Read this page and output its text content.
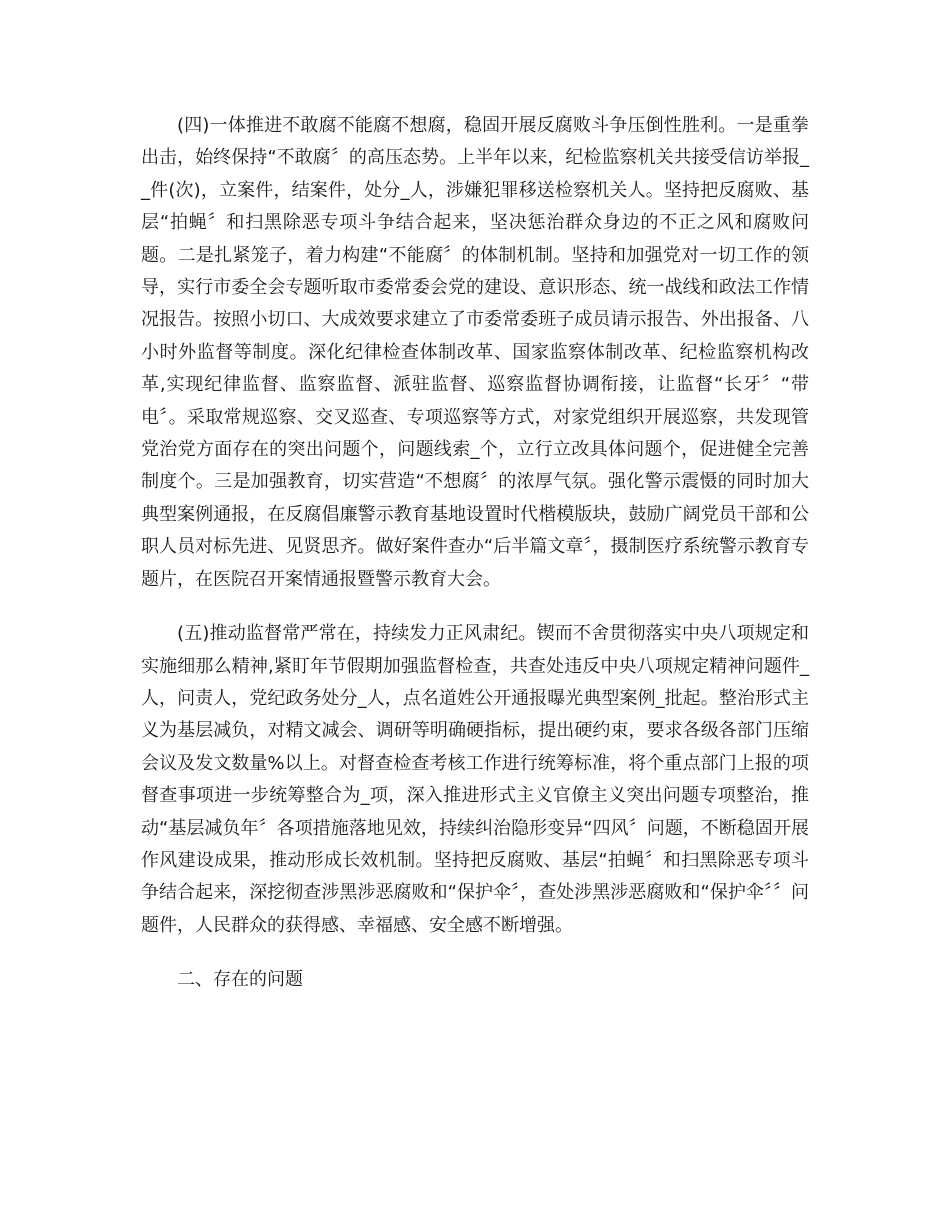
(四)一体推进不敢腐不能腐不想腐，稳固开展反腐败斗争压倒性胜利。一是重拳出击，始终保持“不敢腐〞的高压态势。上半年以来，纪检监察机关共接受信访举报__件(次)，立案件，结案件，处分_人，涉嫌犯罪移送检察机关人。坚持把反腐败、基层“拍蝇〞和扫黑除恶专项斗争结合起来，坚决惩治群众身边的不正之风和腐败问题。二是扎紧笼子，着力构建“不能腐〞的体制机制。坚持和加强党对一切工作的领导，实行市委全会专题听取市委常委会党的建设、意识形态、统一战线和政法工作情况报告。按照小切口、大成效要求建立了市委常委班子成员请示报告、外出报备、八小时外监督等制度。深化纪律检查体制改革、国家监察体制改革、纪检监察机构改革,实现纪律监督、监察监督、派驻监督、巡察监督协调衔接，让监督“长牙〞“带电〞。采取常规巡察、交叉巡查、专项巡察等方式，对家党组织开展巡察，共发现管党治党方面存在的突出问题个，问题线索_个，立行立改具体问题个，促进健全完善制度个。三是加强教育，切实营造“不想腐〞的浓厚气氛。强化警示震慑的同时加大典型案例通报，在反腐倡廉警示教育基地设置时代楷模版块，鼓励广阔党员干部和公职人员对标先进、见贤思齐。做好案件查办“后半篇文章〞，摄制医疗系统警示教育专题片，在医院召开案情通报暨警示教育大会。

(五)推动监督常严常在，持续发力正风肃纪。锲而不舍贯彻落实中央八项规定和实施细那么精神,紧盯年节假期加强监督检查，共查处违反中央八项规定精神问题件_人，问责人，党纪政务处分_人，点名道姓公开通报曝光典型案例_批起。整治形式主义为基层减负，对精文减会、调研等明确硬指标，提出硬约束，要求各级各部门压缩会议及发文数量%以上。对督查检查考核工作进行统筹标准，将个重点部门上报的项督查事项进一步统筹整合为_项，深入推进形式主义官僚主义突出问题专项整治，推动“基层减负年〞各项措施落地见效，持续纠治隐形变异“四风〞问题，不断稳固开展作风建设成果，推动形成长效机制。坚持把反腐败、基层“拍蝇〞和扫黑除恶专项斗争结合起来，深挖彻查涉黑涉恶腐败和“保护伞〞，查处涉黑涉恶腐败和“保护伞〞〞问题件，人民群众的获得感、幸福感、安全感不断增强。

二、存在的问题
